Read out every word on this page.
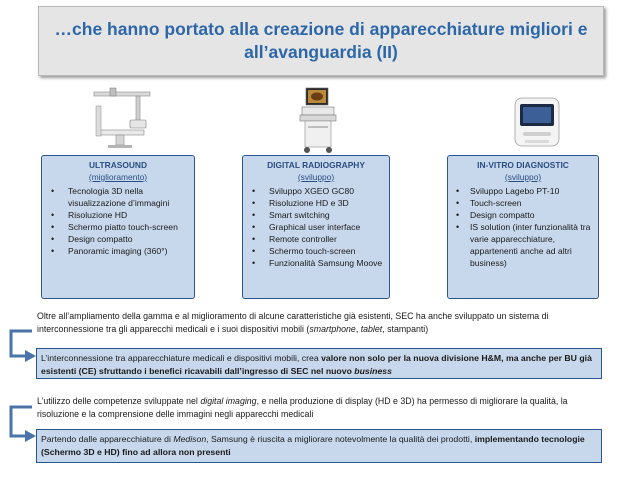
…che hanno portato alla creazione di apparecchiature migliori e all’avanguardia (II)
ULTRASOUND
(miglioramento)
• Tecnologia 3D nella visualizzazione d’immagini
• Risoluzione HD
• Schermo piatto touch-screen
• Design compatto
• Panoramic imaging (360°)
DIGITAL RADIOGRAPHY
(sviluppo)
• Sviluppo XGEO GC80
• Risoluzione HD e 3D
• Smart switching
• Graphical user interface
• Remote controller
• Schermo touch-screen
• Funzionalità Samsung Moove
IN-VITRO DIAGNOSTIC
(sviluppo)
• Sviluppo Lagebo PT-10
• Touch-screen
• Design compatto
• IS solution (inter funzionalità tra varie apparecchiature, appartenenti anche ad altri business)
Oltre all’ampliamento della gamma e al miglioramento di alcune caratteristiche già esistenti, SEC ha anche sviluppato un sistema di interconnessione tra gli apparecchi medicali e i suoi dispositivi mobili (smartphone, tablet, stampanti)
L’interconnessione tra apparecchiature medicali e dispositivi mobili, crea valore non solo per la nuova divisione H&M, ma anche per BU già esistenti (CE) sfruttando i benefici ricavabili dall’ingresso di SEC nel nuovo business
L’utilizzo delle competenze sviluppate nel digital imaging, e nella produzione di display (HD e 3D) ha permesso di migliorare la qualità, la risoluzione e la comprensione delle immagini negli apparecchi medicali
Partendo dalle apparecchiature di Medison, Samsung è riuscita a migliorare notevolmente la qualità dei prodotti, implementando tecnologie (Schermo 3D e HD) fino ad allora non presenti
